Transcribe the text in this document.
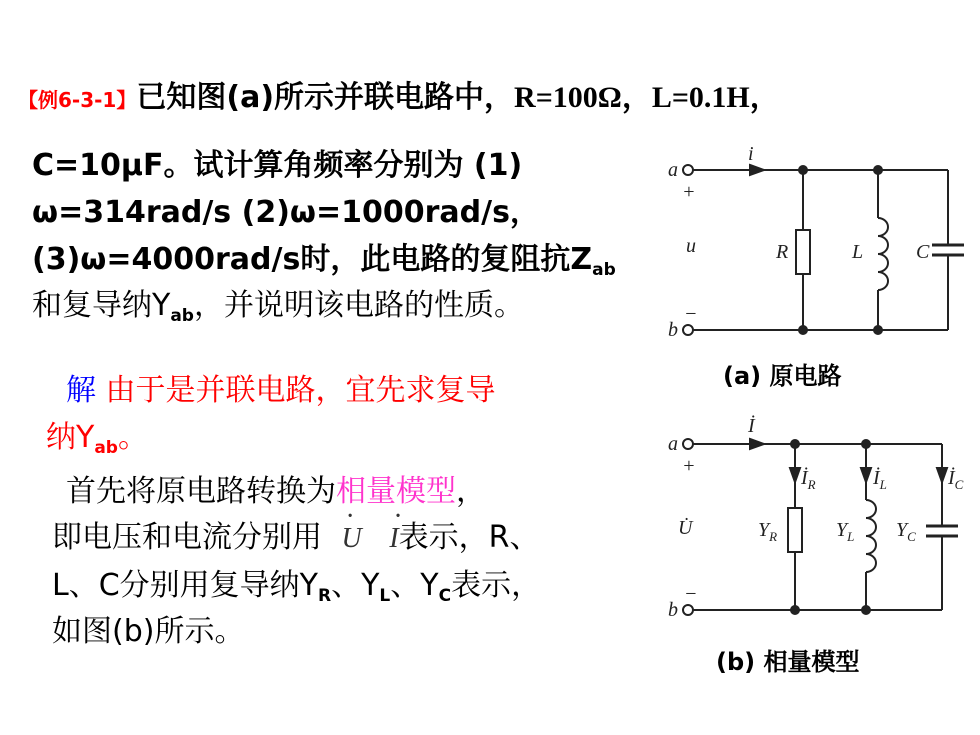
【例6-3-1】已知图(a)所示并联电路中，R=100Ω，L=0.1H，
C=10μF。试计算角频率分别为 (1)
ω=314rad/s (2)ω=1000rad/s，
(3)ω=4000rad/s时，此电路的复阻抗$Z_{ab}$
和复导纳$Y_{ab}$，并说明该电路的性质。
解 由于是并联电路，宜先求复导
纳$Y_{ab}$。
首先将原电路转换为相量模型，
即电压和电流分别用 · U · I表示，R、
L、C分别用复导纳$Y_R$、$Y_L$、$Y_C$表示，
如图(b)所示。
a
b
+
−
i
u	R	L	C
(a) 原电路
a
b
+
−
İ
U̇
$İ_R$	$İ_L$	$İ_C$
$Y_R$	$Y_L$ $Y_C$
(b) 相量模型
